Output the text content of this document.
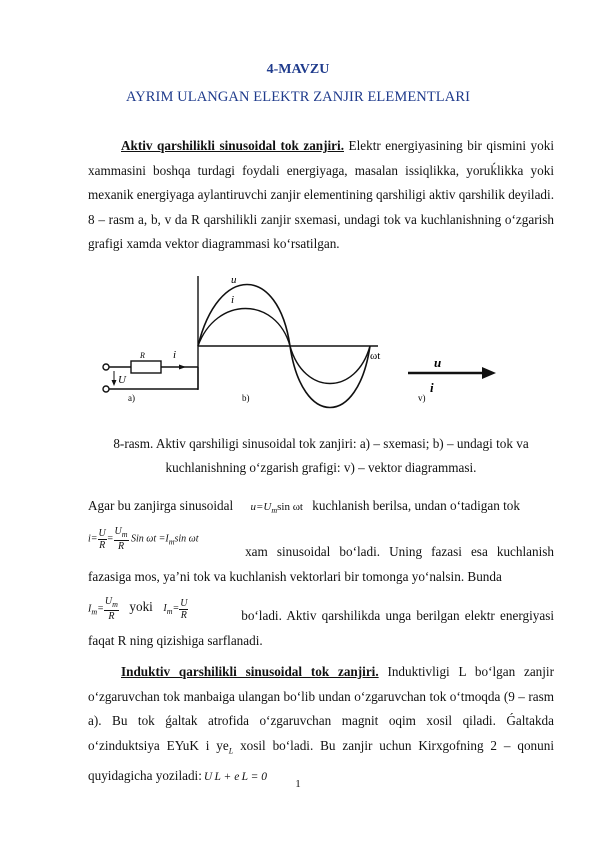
4-MAVZU
AYRIM ULANGAN ELEKTR ZANJIR ELEMENTLARI
Aktiv qarshilikli sinusoidal tok zanjiri. Elektr energiyasining bir qismini yoki xammasini boshqa turdagi foydali energiyaga, masalan issiqlikka, yoruḱlikka yoki mexanik energiyaga aylantiruvchi zanjir elementining qarshiligi aktiv qarshilik deyiladi. 8 – rasm a, b, v da R qarshilikli zanjir sxemasi, undagi tok va kuchlanishning o‘zgarish grafigi xamda vektor diagrammasi ko‘rsatilgan.
R	i
U
u
i
ωt	u
i
a)	b)	v)
8-rasm. Aktiv qarshiligi sinusoidal tok zanjiri: a) – sxemasi; b) – undagi tok va
kuchlanishning o‘zgarish grafigi: v) – vektor diagrammasi.
Agar bu zanjirga sinusoidal $u=U_m\sin$ ωt kuchlanish berilsa, undan o‘tadigan tok
$i= \frac{U}{R} = \frac{U_m}{R}$ Sin $\omega t =I_m\sin$ ωt
xam sinusoidal bo‘ladi. Uning fazasi esa kuchlanish fazasiga mos, ya’ni tok va kuchlanish vektorlari bir tomonga yo‘nalsin. Bunda
$I_m= \frac{U_m}{R}$ yoki $I_m= \frac{U}{R}$	bo‘ladi. Aktiv qarshilikda unga berilgan elektr energiyasi faqat R ning qizishiga sarflanadi.
Induktiv qarshilikli sinusoidal tok zanjiri. Induktivligi L bo‘lgan zanjir o‘zgaruvchan tok manbaiga ulangan bo‘lib undan o‘zgaruvchan tok o‘tmoqda (9 – rasm a). Bu tok ǵaltak atrofida o‘zgaruvchan magnit oqim xosil qiladi. Ǵaltakda o‘zinduktsiya EYuK i $ye_L$ xosil bo‘ladi. Bu zanjir uchun Kirxgofning 2 – qonuni quyidagicha yoziladi: U L + e L = 0
1
